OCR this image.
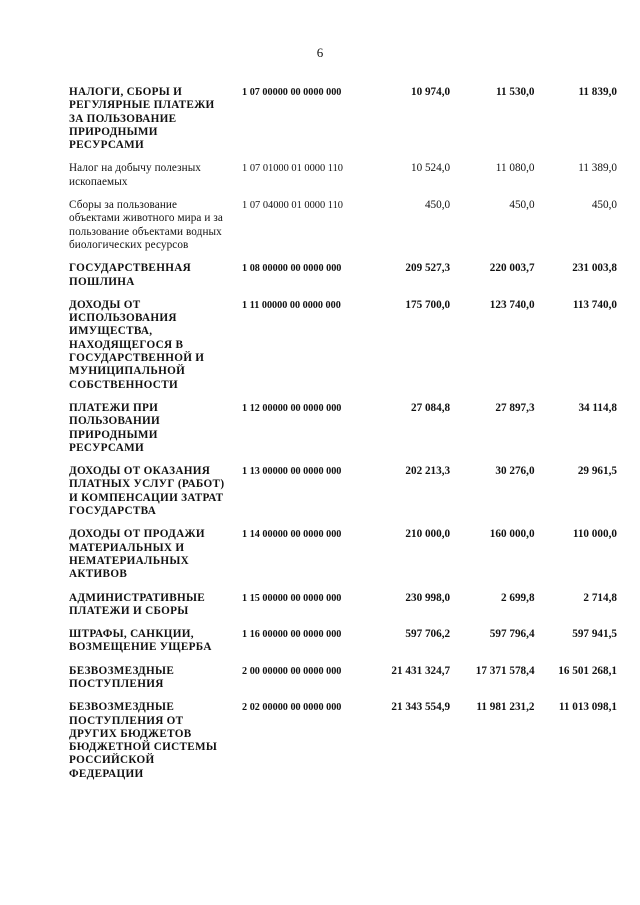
6
НАЛОГИ, СБОРЫ И РЕГУЛЯРНЫЕ ПЛАТЕЖИ ЗА ПОЛЬЗОВАНИЕ ПРИРОДНЫМИ РЕСУРСАМИ
1 07 00000 00 0000 000	10 974,0	11 530,0	11 839,0
Налог на добычу полезных ископаемых
1 07 01000 01 0000 110	10 524,0	11 080,0	11 389,0
Сборы за пользование объектами животного мира и за пользование объектами водных биологических ресурсов
1 07 04000 01 0000 110	450,0	450,0	450,0
ГОСУДАРСТВЕННАЯ ПОШЛИНА
1 08 00000 00 0000 000	209 527,3	220 003,7	231 003,8
ДОХОДЫ ОТ ИСПОЛЬЗОВАНИЯ ИМУЩЕСТВА, НАХОДЯЩЕГОСЯ В ГОСУДАРСТВЕННОЙ И МУНИЦИПАЛЬНОЙ СОБСТВЕННОСТИ
1 11 00000 00 0000 000	175 700,0	123 740,0	113 740,0
ПЛАТЕЖИ ПРИ ПОЛЬЗОВАНИИ ПРИРОДНЫМИ РЕСУРСАМИ
1 12 00000 00 0000 000	27 084,8	27 897,3	34 114,8
ДОХОДЫ ОТ ОКАЗАНИЯ ПЛАТНЫХ УСЛУГ (РАБОТ) И КОМПЕНСАЦИИ ЗАТРАТ ГОСУДАРСТВА
1 13 00000 00 0000 000	202 213,3	30 276,0	29 961,5
ДОХОДЫ ОТ ПРОДАЖИ МАТЕРИАЛЬНЫХ И НЕМАТЕРИАЛЬНЫХ АКТИВОВ
1 14 00000 00 0000 000	210 000,0	160 000,0	110 000,0
АДМИНИСТРАТИВНЫЕ ПЛАТЕЖИ И СБОРЫ
1 15 00000 00 0000 000	230 998,0	2 699,8	2 714,8
ШТРАФЫ, САНКЦИИ, ВОЗМЕЩЕНИЕ УЩЕРБА
1 16 00000 00 0000 000	597 706,2	597 796,4	597 941,5
БЕЗВОЗМЕЗДНЫЕ ПОСТУПЛЕНИЯ
2 00 00000 00 0000 000	21 431 324,7	17 371 578,4	16 501 268,1
БЕЗВОЗМЕЗДНЫЕ ПОСТУПЛЕНИЯ ОТ ДРУГИХ БЮДЖЕТОВ БЮДЖЕТНОЙ СИСТЕМЫ РОССИЙСКОЙ ФЕДЕРАЦИИ
2 02 00000 00 0000 000	21 343 554,9	11 981 231,2	11 013 098,1
